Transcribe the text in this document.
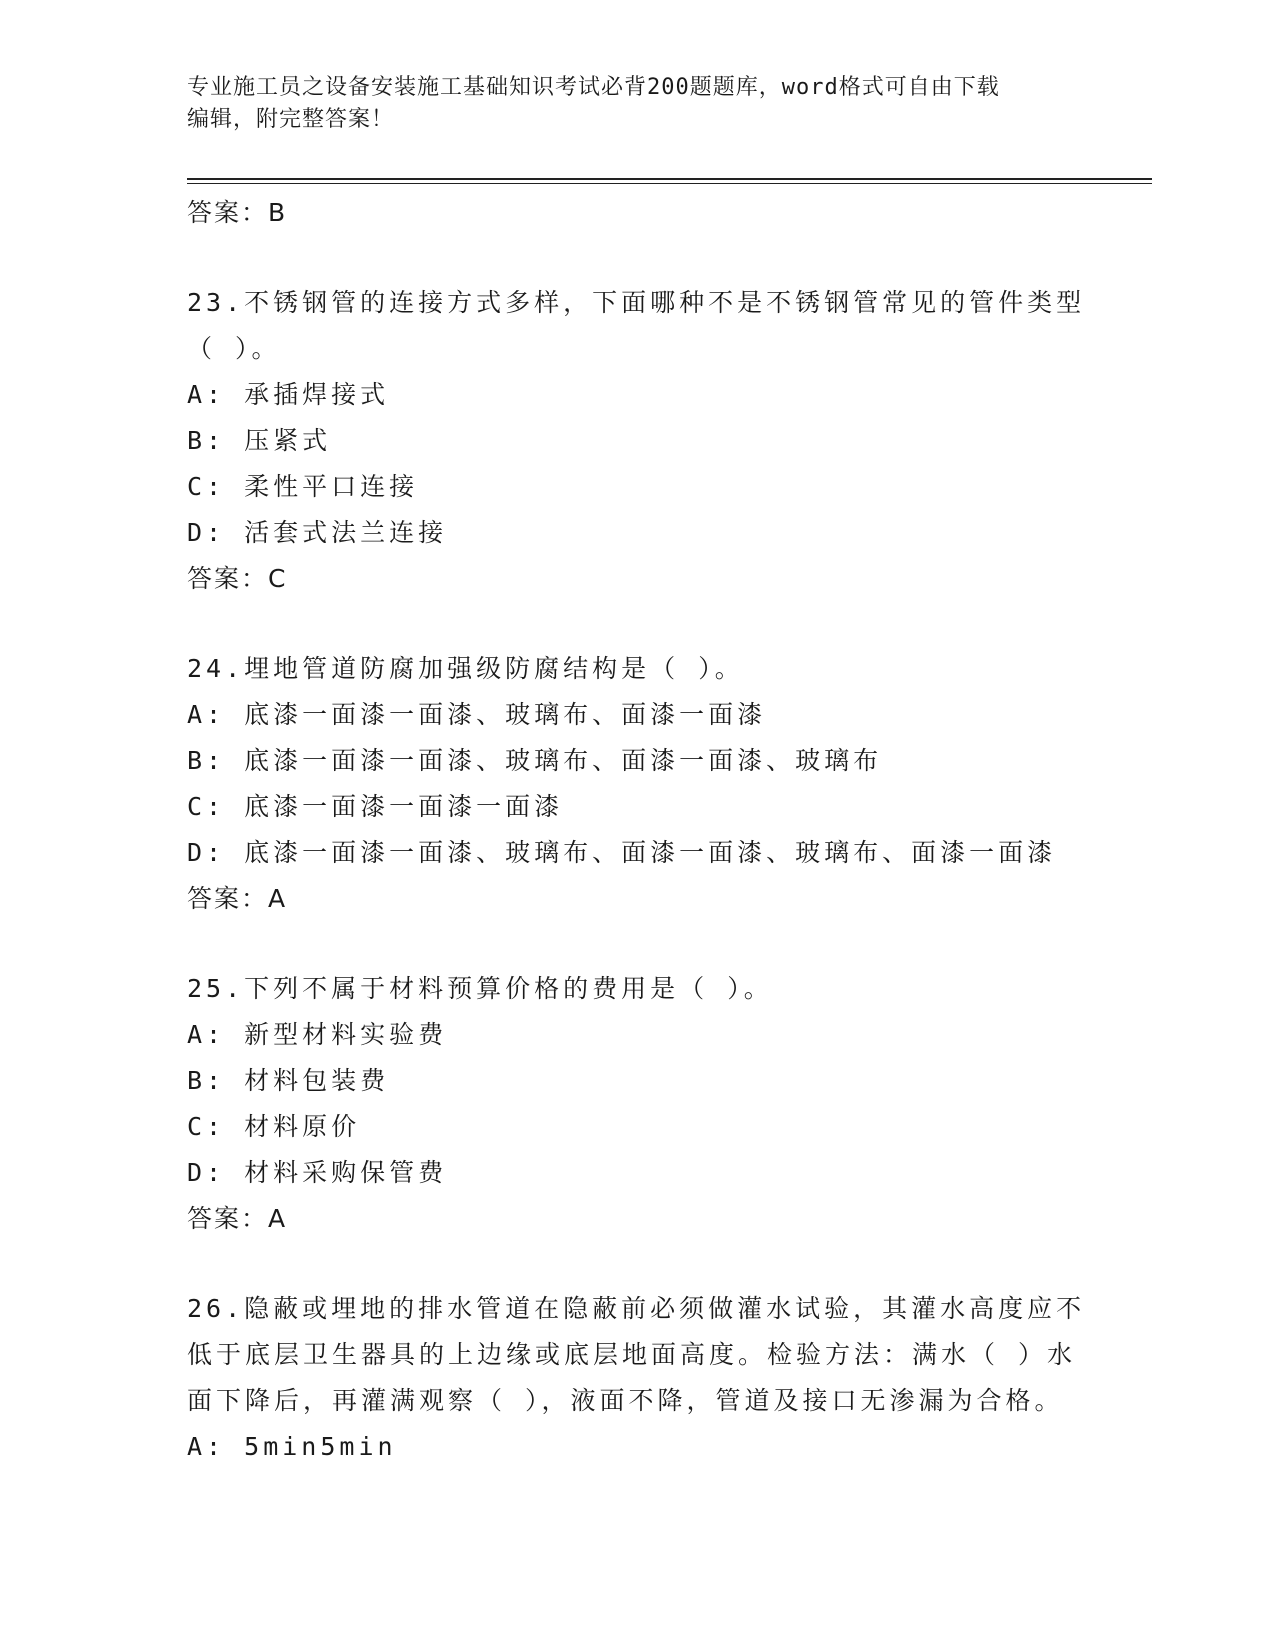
专业施工员之设备安装施工基础知识考试必背200题题库，word格式可自由下载
编辑，附完整答案！
答案：B
23.不锈钢管的连接方式多样，下面哪种不是不锈钢管常见的管件类型
（ ）。
A: 承插焊接式
B: 压紧式
C: 柔性平口连接
D: 活套式法兰连接
答案：C
24.埋地管道防腐加强级防腐结构是（ ）。
A: 底漆一面漆一面漆、玻璃布、面漆一面漆
B: 底漆一面漆一面漆、玻璃布、面漆一面漆、玻璃布
C: 底漆一面漆一面漆一面漆
D: 底漆一面漆一面漆、玻璃布、面漆一面漆、玻璃布、面漆一面漆
答案：A
25.下列不属于材料预算价格的费用是（ ）。
A: 新型材料实验费
B: 材料包装费
C: 材料原价
D: 材料采购保管费
答案：A
26.隐蔽或埋地的排水管道在隐蔽前必须做灌水试验，其灌水高度应不
低于底层卫生器具的上边缘或底层地面高度。检验方法：满水（ ）水
面下降后，再灌满观察（ ），液面不降，管道及接口无渗漏为合格。
A: 5min5min
